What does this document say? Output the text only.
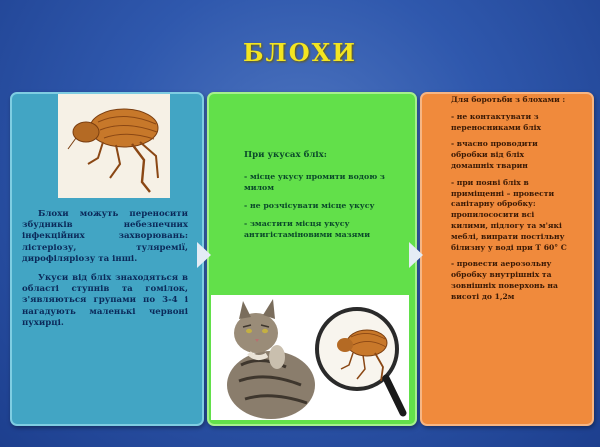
БЛОХИ

Блохи можуть переносити збудників небезпечних інфекційних захворювань: лістеріозу, туляремії, дирофіляріозу та інші.

Укуси від бліх знаходяться в області ступнів та гомілок, з'являються групами по 3-4 і нагадують маленькі червоні пухирці.

При укусах бліх:
- місце укусу промити водою з милом
- не розчісувати місце укусу
- змастити місця укусу антигістаміновими мазями
Для боротьби з блохами :
- не контактувати з переносниками бліх
- вчасно проводити обробки від бліх домашніх тварин
- при появі бліх в приміщенні – провести санітарну обробку: пропилососити всі килими, підлогу та м'які меблі, випрати постільну білизну у воді при Т 60° С
- провести аерозольну обробку внутрішніх та зовнішніх поверхонь на висоті до 1,2м
